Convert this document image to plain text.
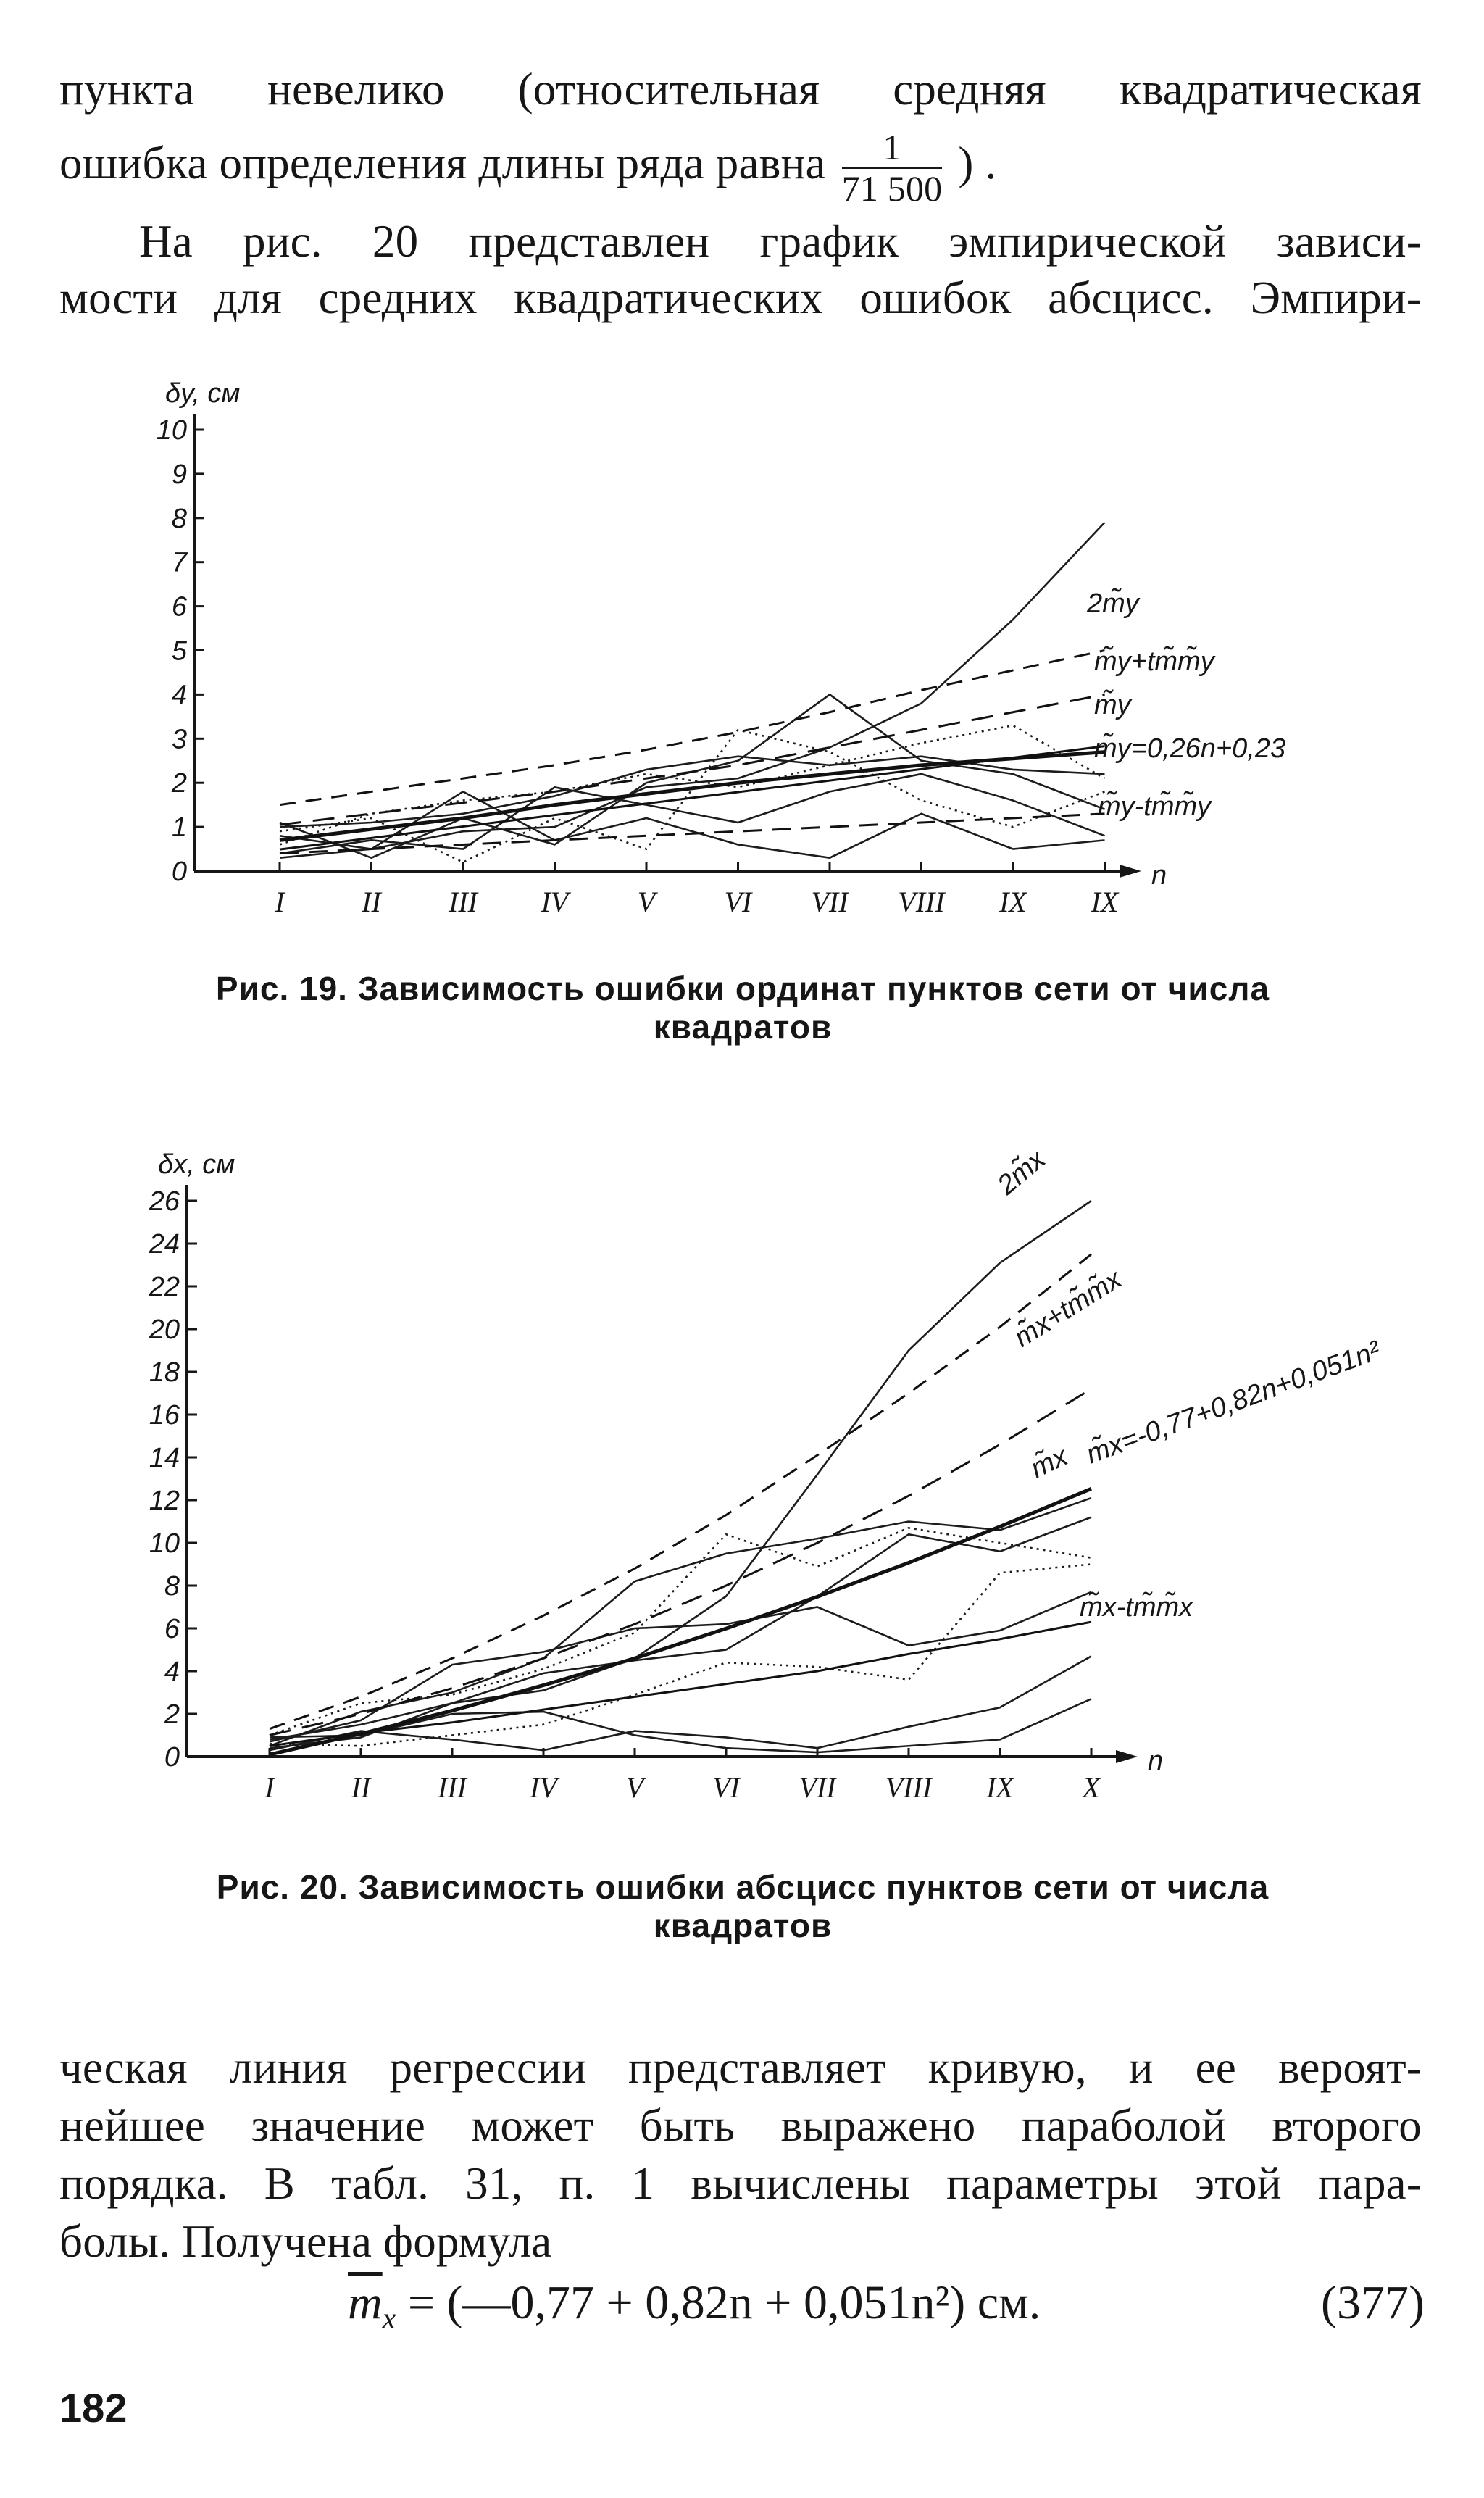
пункта невелико (относительная средняя квадратическая
ошибка определения длины ряда равна $\frac{1}{71 500}$ ) .
На рис. 20 представлен график эмпирической зависи-
мости для средних квадратических ошибок абсцисс. Эмпири-
δy, см
n
0
1
2
3
4
5
6
7
8
9
10
I	II III IV V VI VII VIII IX IX
2m̃y
m̃y+tm̃m̃y
m̃y
m̃y=0,26n+0,23
m̃y-tm̃m̃y
Рис. 19. Зависимость ошибки ординат пунктов сети от числа
квадратов
δx, см
n
0
2
4
6
8
10
12
14
16
18
20
22
24
26
I	II III IV V VI VII VIII IX X
2m̃x
m̃x+tm̃m̃x
m̃x m̃x=-0,77+0,82n+0,051n²
m̃x-tm̃m̃x
Рис. 20. Зависимость ошибки абсцисс пунктов сети от числа
квадратов
ческая линия регрессии представляет кривую, и ее вероят-
нейшее значение может быть выражено параболой второго
порядка. В табл. 31, п. 1 вычислены параметры этой пара-
болы. Получена формула
$\overline{m}_x$ = (—0,77 + 0,82n + 0,051n²) см.	(377)
182
